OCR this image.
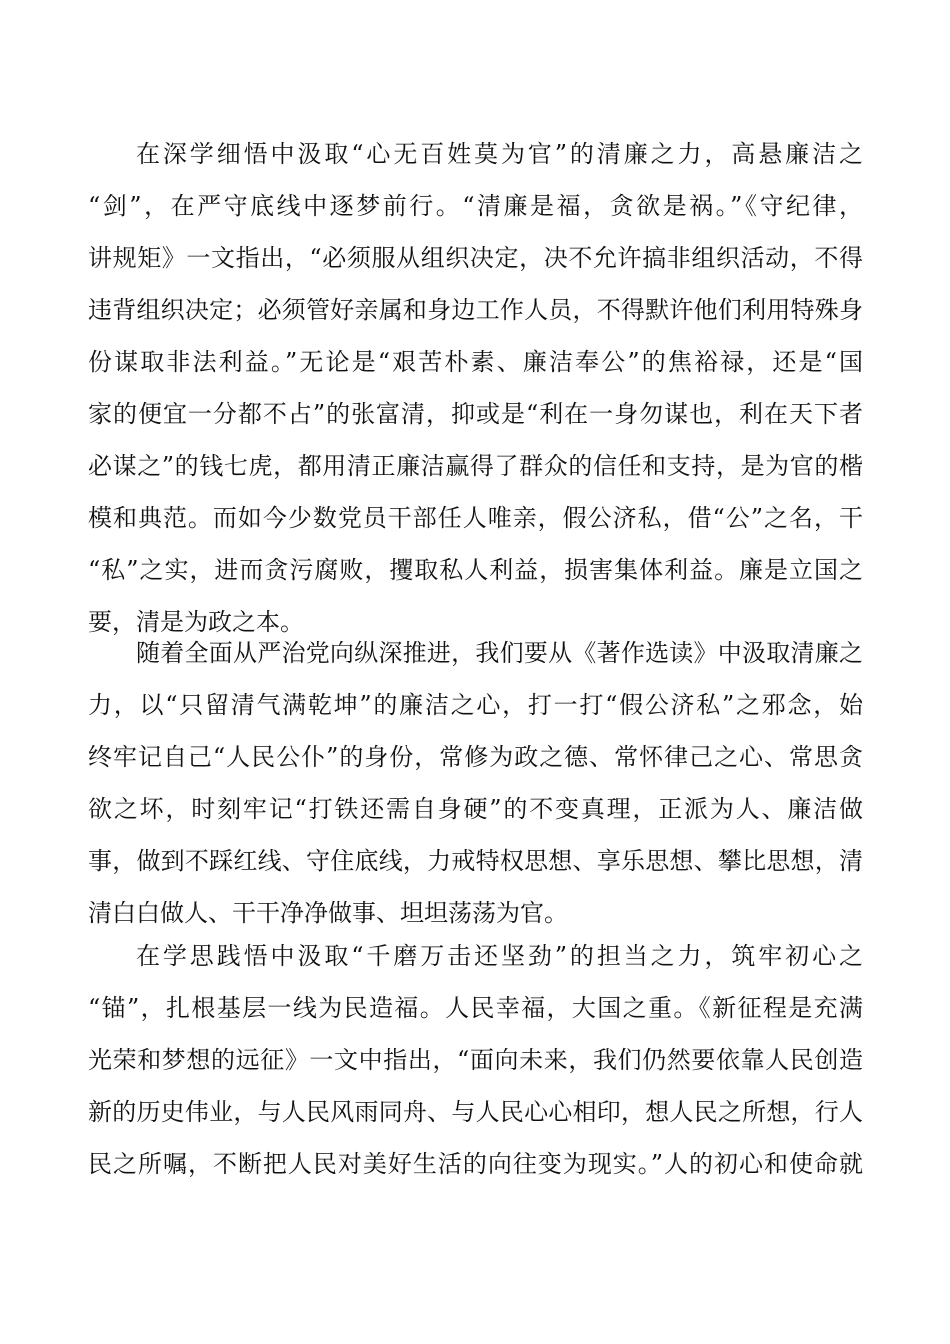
在深学细悟中汲取“心无百姓莫为官”的清廉之力，高悬廉洁之
“剑”，在严守底线中逐梦前行。“清廉是福，贪欲是祸。”《守纪律，
讲规矩》一文指出，“必须服从组织决定，决不允许搞非组织活动，不得
违背组织决定；必须管好亲属和身边工作人员，不得默许他们利用特殊身
份谋取非法利益。”无论是“艰苦朴素、廉洁奉公”的焦裕禄，还是“国
家的便宜一分都不占”的张富清，抑或是“利在一身勿谋也，利在天下者
必谋之”的钱七虎，都用清正廉洁赢得了群众的信任和支持，是为官的楷
模和典范。而如今少数党员干部任人唯亲，假公济私，借“公”之名，干
“私”之实，进而贪污腐败，攫取私人利益，损害集体利益。廉是立国之
要，清是为政之本。
随着全面从严治党向纵深推进，我们要从《著作选读》中汲取清廉之
力，以“只留清气满乾坤”的廉洁之心，打一打“假公济私”之邪念，始
终牢记自己“人民公仆”的身份，常修为政之德、常怀律己之心、常思贪
欲之坏，时刻牢记“打铁还需自身硬”的不变真理，正派为人、廉洁做
事，做到不踩红线、守住底线，力戒特权思想、享乐思想、攀比思想，清
清白白做人、干干净净做事、坦坦荡荡为官。
在学思践悟中汲取“千磨万击还坚劲”的担当之力，筑牢初心之
“锚”，扎根基层一线为民造福。人民幸福，大国之重。《新征程是充满
光荣和梦想的远征》一文中指出，“面向未来，我们仍然要依靠人民创造
新的历史伟业，与人民风雨同舟、与人民心心相印，想人民之所想，行人
民之所嘱，不断把人民对美好生活的向往变为现实。”人的初心和使命就
